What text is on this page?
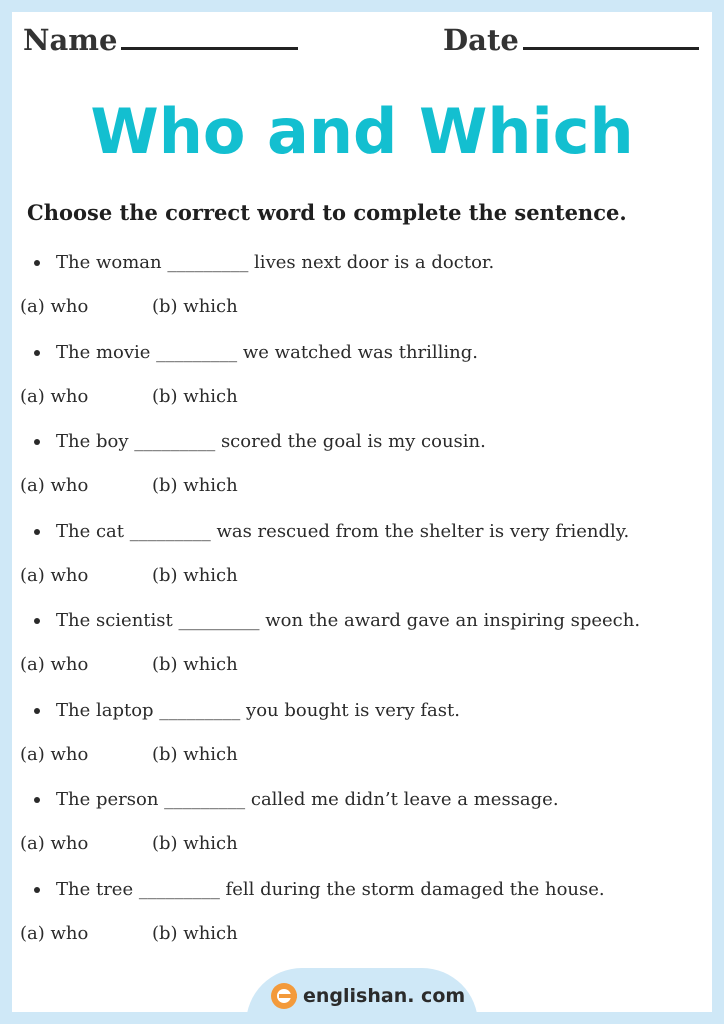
Name	Date
Who and Which
Choose the correct word to complete the sentence.
The woman _________ lives next door is a doctor.
(a) who	(b) which
The movie _________ we watched was thrilling.
(a) who	(b) which
The boy _________ scored the goal is my cousin.
(a) who	(b) which
The cat _________ was rescued from the shelter is very friendly.
(a) who	(b) which
The scientist _________ won the award gave an inspiring speech.
(a) who	(b) which
The laptop _________ you bought is very fast.
(a) who	(b) which
The person _________ called me didn’t leave a message.
(a) who	(b) which
The tree _________ fell during the storm damaged the house.
(a) who	(b) which
englishan. com
